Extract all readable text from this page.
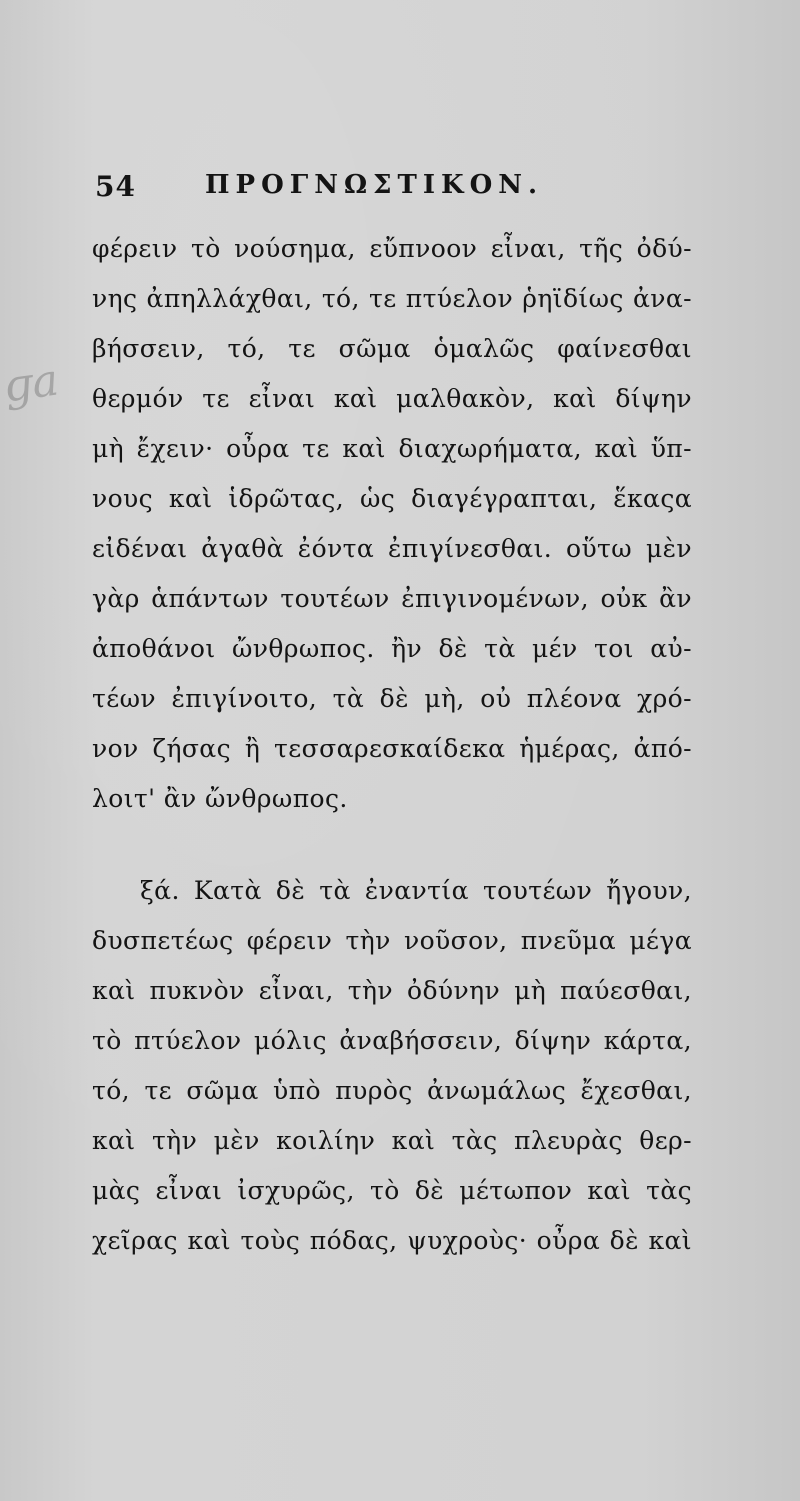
ɡa
54	ΠΡΟΓΝΩΣΤΙΚΟΝ.
φέρειν τὸ νούσημα, εὔπνοον εἶναι, τῆς ὀδύ-
νης ἀπηλλάχθαι, τό, τε πτύελον ῥηϊδίως ἀνα-
βήσσειν, τό, τε σῶμα ὁμαλῶς φαίνεσθαι
θερμόν τε εἶναι καὶ μαλθακὸν, καὶ δίψην
μὴ ἔχειν· οὖρα τε καὶ διαχωρήματα, καὶ ὕπ-
νους καὶ ἱδρῶτας, ὡς διαγέγραπται, ἕκαςα
εἰδέναι ἀγαθὰ ἐόντα ἐπιγίνεσθαι. οὕτω μὲν
γὰρ ἁπάντων τουτέων ἐπιγινομένων, οὐκ ἂν
ἀποθάνοι ὤνθρωπος. ἢν δὲ τὰ μέν τοι αὐ-
τέων ἐπιγίνοιτο, τὰ δὲ μὴ, οὐ πλέονα χρό-
νον ζήσας ἢ τεσσαρεσκαίδεκα ἡμέρας, ἀπό-
λοιτ' ἂν ὤνθρωπος.
ξά. Κατὰ δὲ τὰ ἐναντία τουτέων ἤγουν,
δυσπετέως φέρειν τὴν νοῦσον, πνεῦμα μέγα
καὶ πυκνὸν εἶναι, τὴν ὀδύνην μὴ παύεσθαι,
τὸ πτύελον μόλις ἀναβήσσειν, δίψην κάρτα,
τό, τε σῶμα ὑπὸ πυρὸς ἀνωμάλως ἔχεσθαι,
καὶ τὴν μὲν κοιλίην καὶ τὰς πλευρὰς θερ-
μὰς εἶναι ἰσχυρῶς, τὸ δὲ μέτωπον καὶ τὰς
χεῖρας καὶ τοὺς πόδας, ψυχροὺς· οὖρα δὲ καὶ
